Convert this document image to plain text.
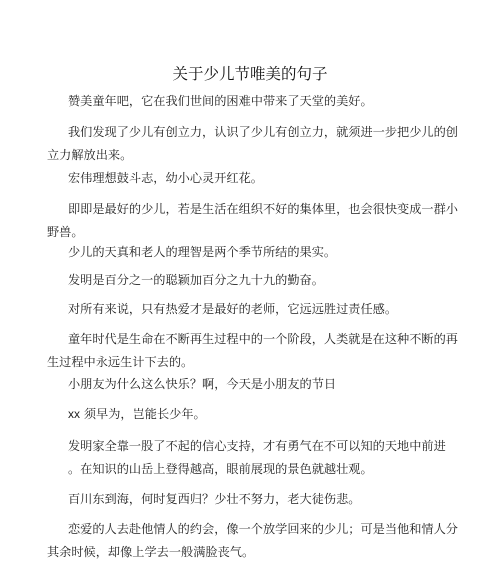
关于少儿节唯美的句子

赞美童年吧，它在我们世间的困难中带来了天堂的美好。

我们发现了少儿有创立力，认识了少儿有创立力，就须进一步把少儿的创
立力解放出来。

宏伟理想鼓斗志，幼小心灵开红花。

即即是最好的少儿，若是生活在组织不好的集体里，也会很快变成一群小
野兽。

少儿的天真和老人的理智是两个季节所结的果实。

发明是百分之一的聪颖加百分之九十九的勤奋。

对所有来说，只有热爱才是最好的老师，它远远胜过责任感。

童年时代是生命在不断再生过程中的一个阶段，人类就是在这种不断的再
生过程中永远生计下去的。

小朋友为什么这么快乐？啊，今天是小朋友的节日

xx 须早为，岂能长少年。

发明家全靠一股了不起的信心支持，才有勇气在不可以知的天地中前进
。在知识的山岳上登得越高，眼前展现的景色就越壮观。

百川东到海，何时复西归？少壮不努力，老大徒伤悲。

恋爱的人去赴他情人的约会，像一个放学回来的少儿；可是当他和情人分
其余时候，却像上学去一般满脸丧气。
